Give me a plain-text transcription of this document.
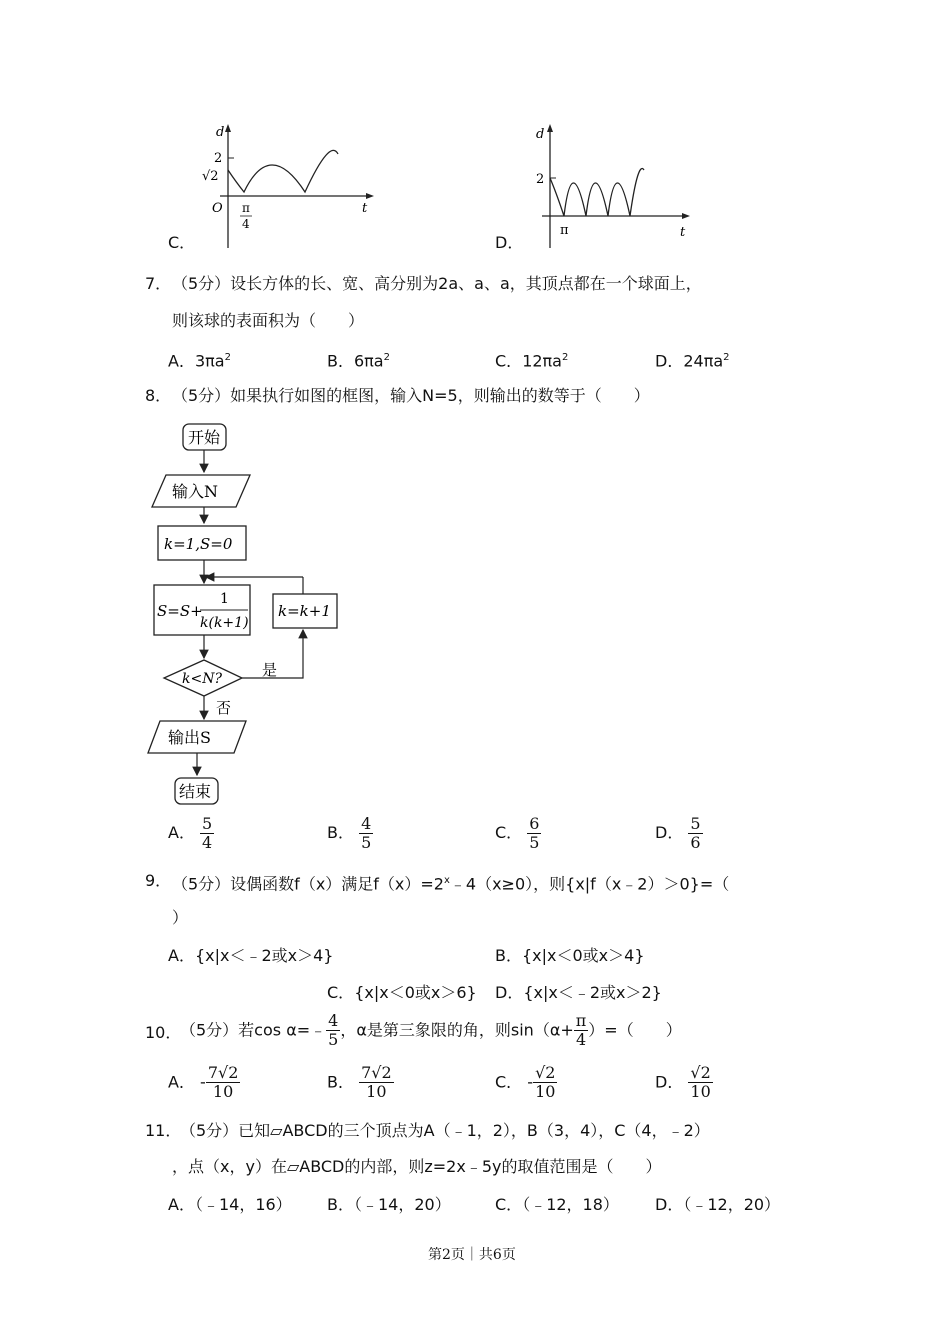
d
t
O
2
√2
π
4
C．
d
t
2
π
D．
7． （5分）设长方体的长、宽、高分别为2a、a、a，其顶点都在一个球面上，
则该球的表面积为（　　）
A．$3\pi a^2$	B．$6\pi a^2$	C．$12\pi a^2$	D．$24\pi a^2$
8． （5分）如果执行如图的框图，输入N=5，则输出的数等于（　　）
开始
输入N
k=1,S=0
S=S+
1
k(k+1)
k=k+1
k<N?	是
否
输出S
结束
A． $\frac{5}{4}$	B． $\frac{4}{5}$	C． $\frac{6}{5}$	D． $\frac{5}{6}$
9． （5分）设偶函数f（x）满足$f(x)=2^x﹣4(x\ge 0)$，则{x|f（x﹣2）＞0}=（
）
A．{x|x＜﹣2或x＞4}	B．{x|x＜0或x＞4}
C．{x|x＜0或x＞6} D．{x|x＜﹣2或x＞2}
10．
（5分）若cos α=﹣ $\frac{4}{5}$ ，α是第三象限的角，则$\sin(\alpha+ \frac{\pi}{4}$ ）=（　　）
A． - $\frac{7√2}{10}$	B． $\frac{7√2}{10}$	C． - $\frac{√2}{10}$	D． $\frac{√2}{10}$
11．
（5分）已知▱ABCD的三个顶点为A（﹣1，2），B（3，4），C（4，﹣2）
，点（x，y）在▱ABCD的内部，则z=2x﹣5y的取值范围是（　　）
A．（﹣14，16） B．（﹣14，20）	C．（﹣12，18） D．（﹣12，20）
第2页｜共6页
